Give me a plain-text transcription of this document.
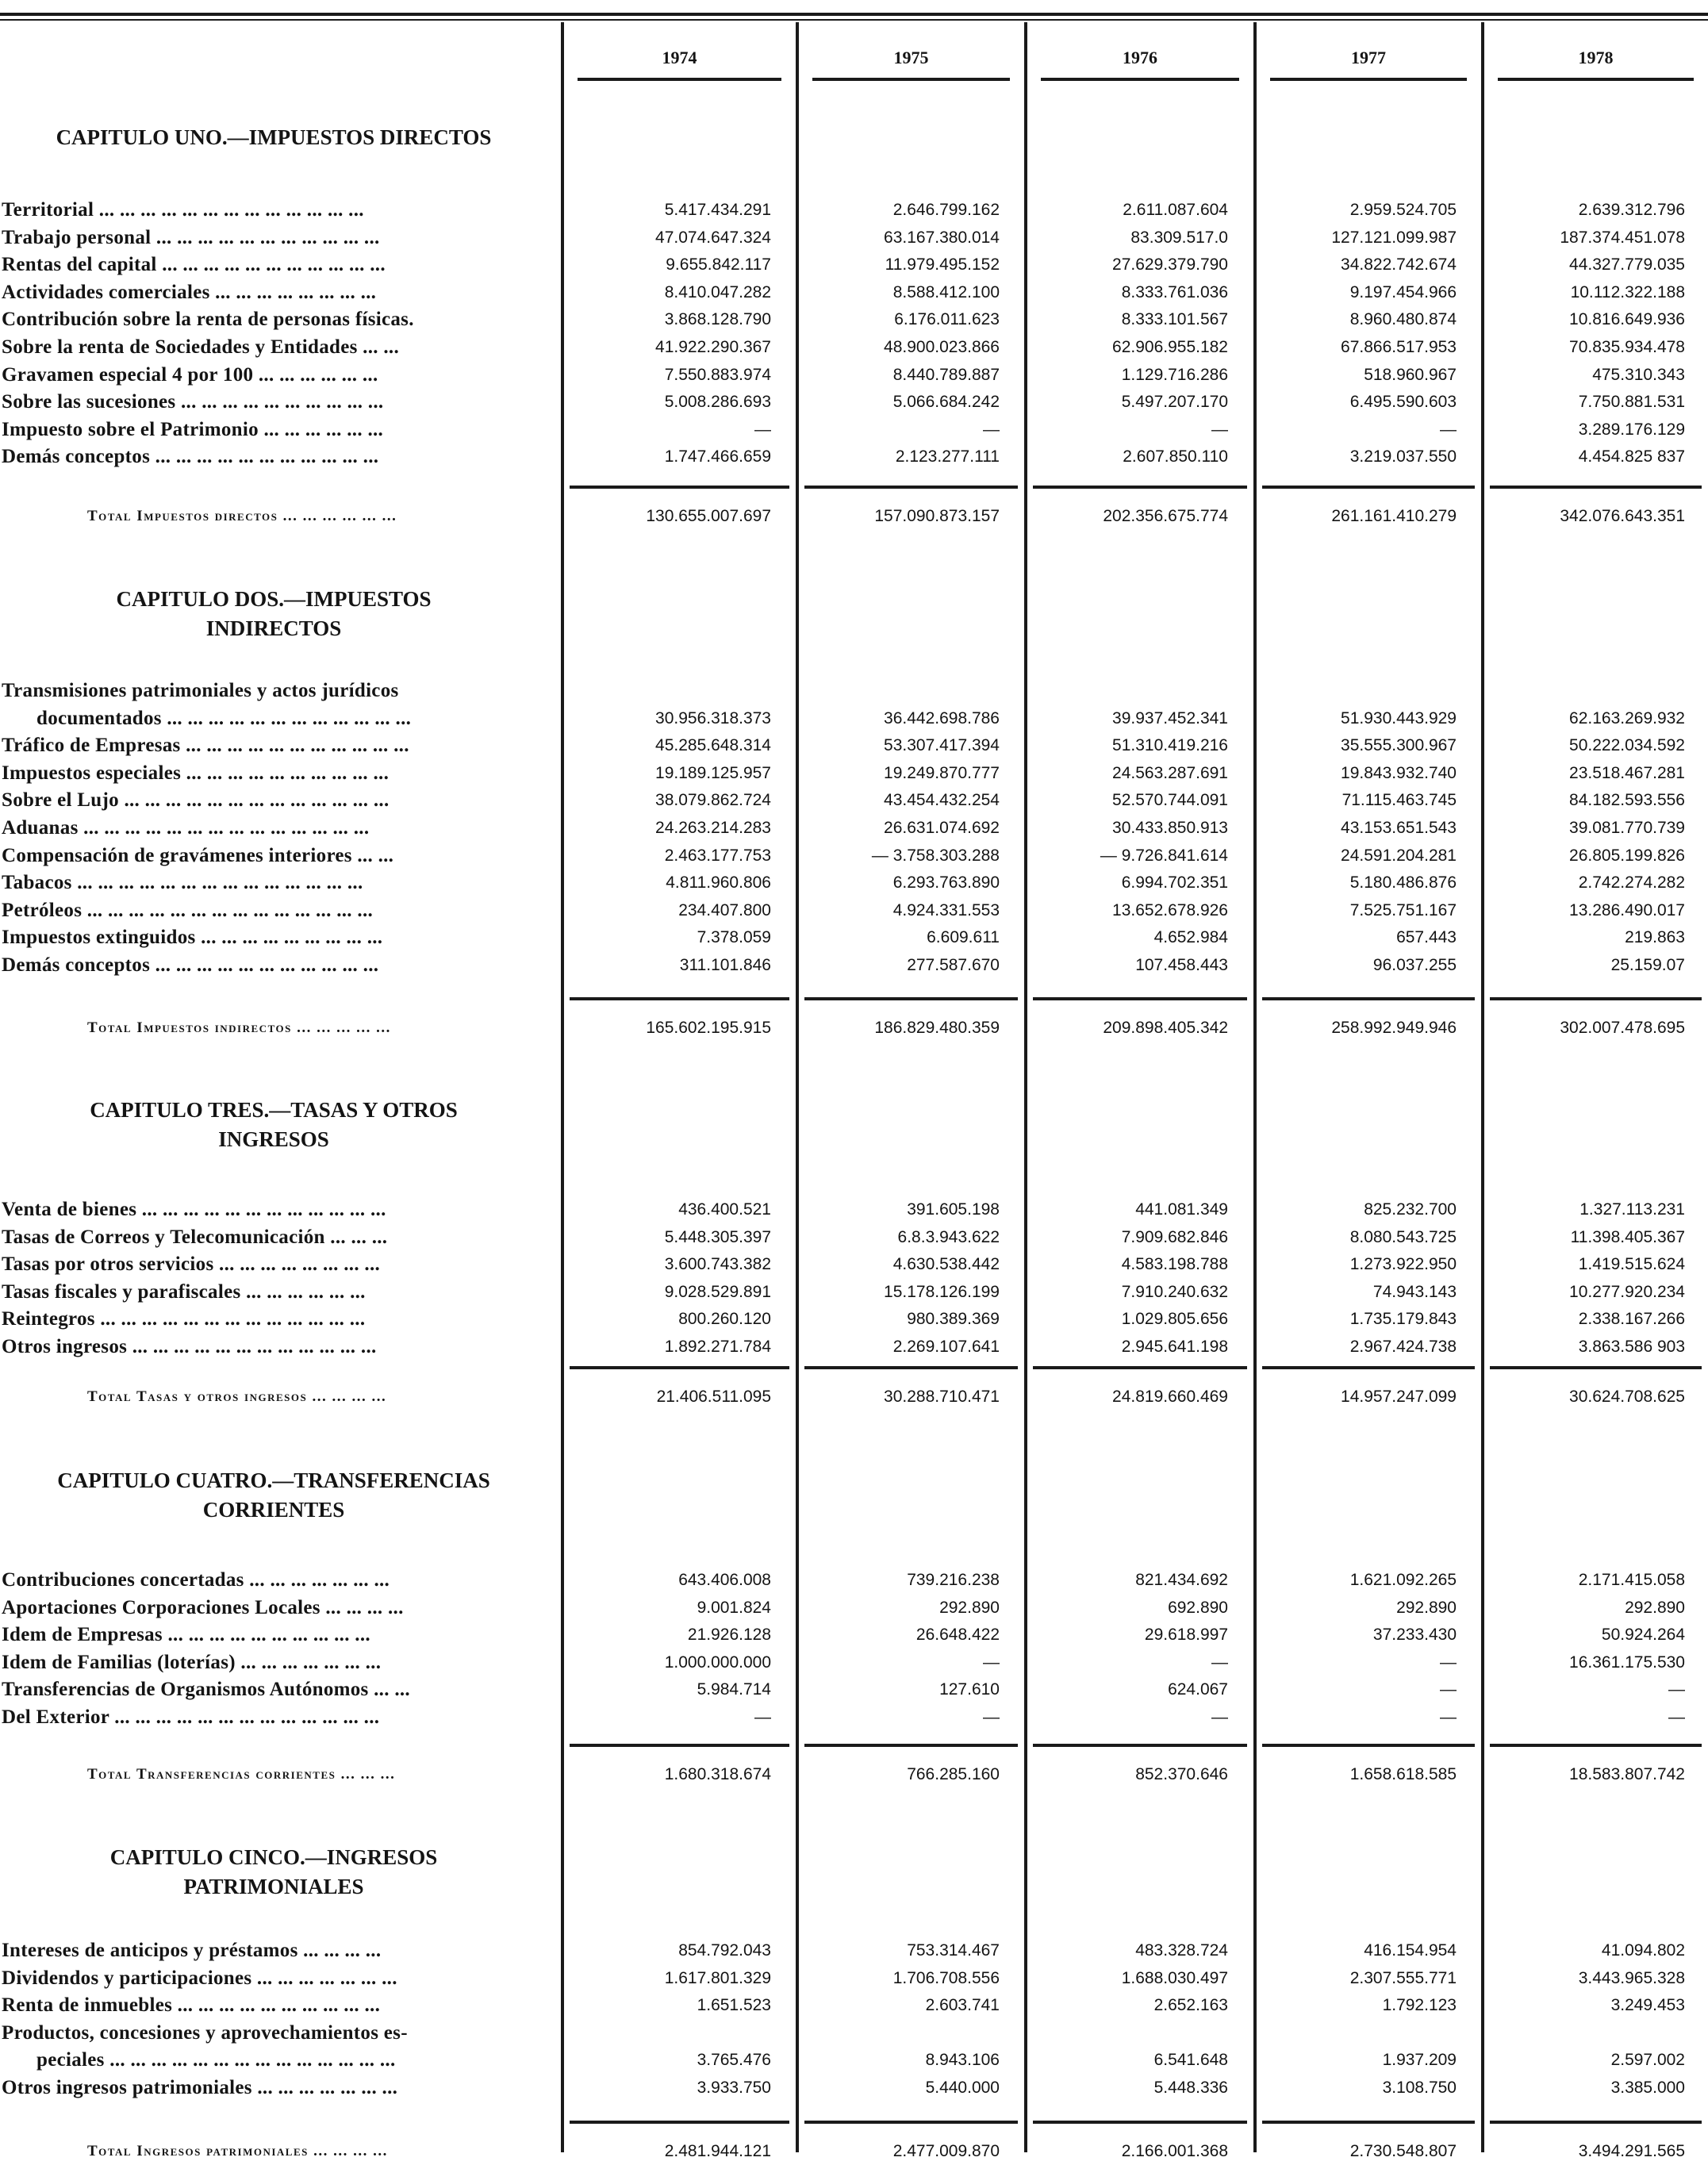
1974	1975	1976	1977	1978
CAPITULO UNO.—IMPUESTOS DIRECTOS
Territorial ... ... ... ... ... ... ... ... ... ... ... ... ...	5.417.434.291	2.646.799.162	2.611.087.604	2.959.524.705	2.639.312.796
Trabajo personal ... ... ... ... ... ... ... ... ... ... ...	47.074.647.324	63.167.380.014	83.309.517.0	127.121.099.987	187.374.451.078
Rentas del capital ... ... ... ... ... ... ... ... ... ... ...	9.655.842.117	11.979.495.152	27.629.379.790	34.822.742.674	44.327.779.035
Actividades comerciales ... ... ... ... ... ... ... ...	8.410.047.282	8.588.412.100	8.333.761.036	9.197.454.966	10.112.322.188
Contribución sobre la renta de personas físicas.	3.868.128.790	6.176.011.623	8.333.101.567	8.960.480.874	10.816.649.936
Sobre la renta de Sociedades y Entidades ... ...	41.922.290.367	48.900.023.866	62.906.955.182	67.866.517.953	70.835.934.478
Gravamen especial 4 por 100 ... ... ... ... ... ...	7.550.883.974	8.440.789.887	1.129.716.286	518.960.967	475.310.343
Sobre las sucesiones ... ... ... ... ... ... ... ... ... ...	5.008.286.693	5.066.684.242	5.497.207.170	6.495.590.603	7.750.881.531
Impuesto sobre el Patrimonio ... ... ... ... ... ...	—	—	—	—	3.289.176.129
Demás conceptos ... ... ... ... ... ... ... ... ... ... ...	1.747.466.659	2.123.277.111	2.607.850.110	3.219.037.550	4.454.825 837
Total Impuestos directos ... ... ... ... ... ...	130.655.007.697	157.090.873.157	202.356.675.774	261.161.410.279	342.076.643.351
CAPITULO DOS.—IMPUESTOS
INDIRECTOS
Transmisiones patrimoniales y actos jurídicos
documentados ... ... ... ... ... ... ... ... ... ... ... ...	30.956.318.373	36.442.698.786	39.937.452.341	51.930.443.929	62.163.269.932
Tráfico de Empresas ... ... ... ... ... ... ... ... ... ... ...	45.285.648.314	53.307.417.394	51.310.419.216	35.555.300.967	50.222.034.592
Impuestos especiales ... ... ... ... ... ... ... ... ... ...	19.189.125.957	19.249.870.777	24.563.287.691	19.843.932.740	23.518.467.281
Sobre el Lujo ... ... ... ... ... ... ... ... ... ... ... ... ...	38.079.862.724	43.454.432.254	52.570.744.091	71.115.463.745	84.182.593.556
Aduanas ... ... ... ... ... ... ... ... ... ... ... ... ... ...	24.263.214.283	26.631.074.692	30.433.850.913	43.153.651.543	39.081.770.739
Compensación de gravámenes interiores ... ...	2.463.177.753	— 3.758.303.288	— 9.726.841.614	24.591.204.281	26.805.199.826
Tabacos ... ... ... ... ... ... ... ... ... ... ... ... ... ...	4.811.960.806	6.293.763.890	6.994.702.351	5.180.486.876	2.742.274.282
Petróleos ... ... ... ... ... ... ... ... ... ... ... ... ... ...	234.407.800	4.924.331.553	13.652.678.926	7.525.751.167	13.286.490.017
Impuestos extinguidos ... ... ... ... ... ... ... ... ...	7.378.059	6.609.611	4.652.984	657.443	219.863
Demás conceptos ... ... ... ... ... ... ... ... ... ... ...	311.101.846	277.587.670	107.458.443	96.037.255	25.159.07
Total Impuestos indirectos ... ... ... ... ...	165.602.195.915	186.829.480.359	209.898.405.342	258.992.949.946	302.007.478.695
CAPITULO TRES.—TASAS Y OTROS
INGRESOS
Venta de bienes ... ... ... ... ... ... ... ... ... ... ... ...	436.400.521	391.605.198	441.081.349	825.232.700	1.327.113.231
Tasas de Correos y Telecomunicación ... ... ...	5.448.305.397	6.8.3.943.622	7.909.682.846	8.080.543.725	11.398.405.367
Tasas por otros servicios ... ... ... ... ... ... ... ...	3.600.743.382	4.630.538.442	4.583.198.788	1.273.922.950	1.419.515.624
Tasas fiscales y parafiscales ... ... ... ... ... ...	9.028.529.891	15.178.126.199	7.910.240.632	74.943.143	10.277.920.234
Reintegros ... ... ... ... ... ... ... ... ... ... ... ... ...	800.260.120	980.389.369	1.029.805.656	1.735.179.843	2.338.167.266
Otros ingresos ... ... ... ... ... ... ... ... ... ... ... ...	1.892.271.784	2.269.107.641	2.945.641.198	2.967.424.738	3.863.586 903
Total Tasas y otros ingresos ... ... ... ...	21.406.511.095	30.288.710.471	24.819.660.469	14.957.247.099	30.624.708.625
CAPITULO CUATRO.—TRANSFERENCIAS
CORRIENTES
Contribuciones concertadas ... ... ... ... ... ... ...	643.406.008	739.216.238	821.434.692	1.621.092.265	2.171.415.058
Aportaciones Corporaciones Locales ... ... ... ...	9.001.824	292.890	692.890	292.890	292.890
Idem de Empresas ... ... ... ... ... ... ... ... ... ...	21.926.128	26.648.422	29.618.997	37.233.430	50.924.264
Idem de Familias (loterías) ... ... ... ... ... ... ...	1.000.000.000	—	—	—	16.361.175.530
Transferencias de Organismos Autónomos ... ...	5.984.714	127.610	624.067	—	—
Del Exterior ... ... ... ... ... ... ... ... ... ... ... ... ...	—	—	—	—	—
Total Transferencias corrientes ... ... ...	1.680.318.674	766.285.160	852.370.646	1.658.618.585	18.583.807.742
CAPITULO CINCO.—INGRESOS
PATRIMONIALES
Intereses de anticipos y préstamos ... ... ... ...	854.792.043	753.314.467	483.328.724	416.154.954	41.094.802
Dividendos y participaciones ... ... ... ... ... ... ...	1.617.801.329	1.706.708.556	1.688.030.497	2.307.555.771	3.443.965.328
Renta de inmuebles ... ... ... ... ... ... ... ... ... ...	1.651.523	2.603.741	2.652.163	1.792.123	3.249.453
Productos, concesiones y aprovechamientos es-
peciales ... ... ... ... ... ... ... ... ... ... ... ... ... ...	3.765.476	8.943.106	6.541.648	1.937.209	2.597.002
Otros ingresos patrimoniales ... ... ... ... ... ... ...	3.933.750	5.440.000	5.448.336	3.108.750	3.385.000
Total Ingresos patrimoniales ... ... ... ...	2.481.944.121	2.477.009.870	2.166.001.368	2.730.548.807	3.494.291.565
